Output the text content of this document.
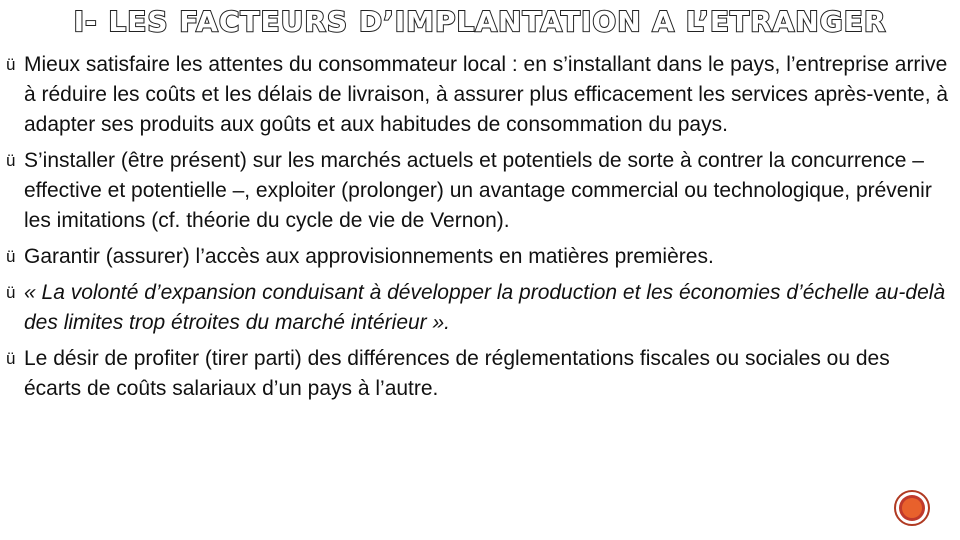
I- LES FACTEURS D’IMPLANTATION A L’ETRANGER
ü Mieux satisfaire les attentes du consommateur local : en s’installant dans le pays, l’entreprise arrive à réduire les coûts et les délais de livraison, à assurer plus efficacement les services après-vente, à adapter ses produits aux goûts et aux habitudes de consommation du pays.
ü S’installer (être présent) sur les marchés actuels et potentiels de sorte à contrer la concurrence – effective et potentielle –, exploiter (prolonger) un avantage commercial ou technologique, prévenir les imitations (cf. théorie du cycle de vie de Vernon).
ü Garantir (assurer) l’accès aux approvisionnements en matières premières.
ü « La volonté d’expansion conduisant à développer la production et les économies d’échelle au-delà des limites trop étroites du marché intérieur ».
ü Le désir de profiter (tirer parti) des différences de réglementations fiscales ou sociales ou des écarts de coûts salariaux d’un pays à l’autre.
